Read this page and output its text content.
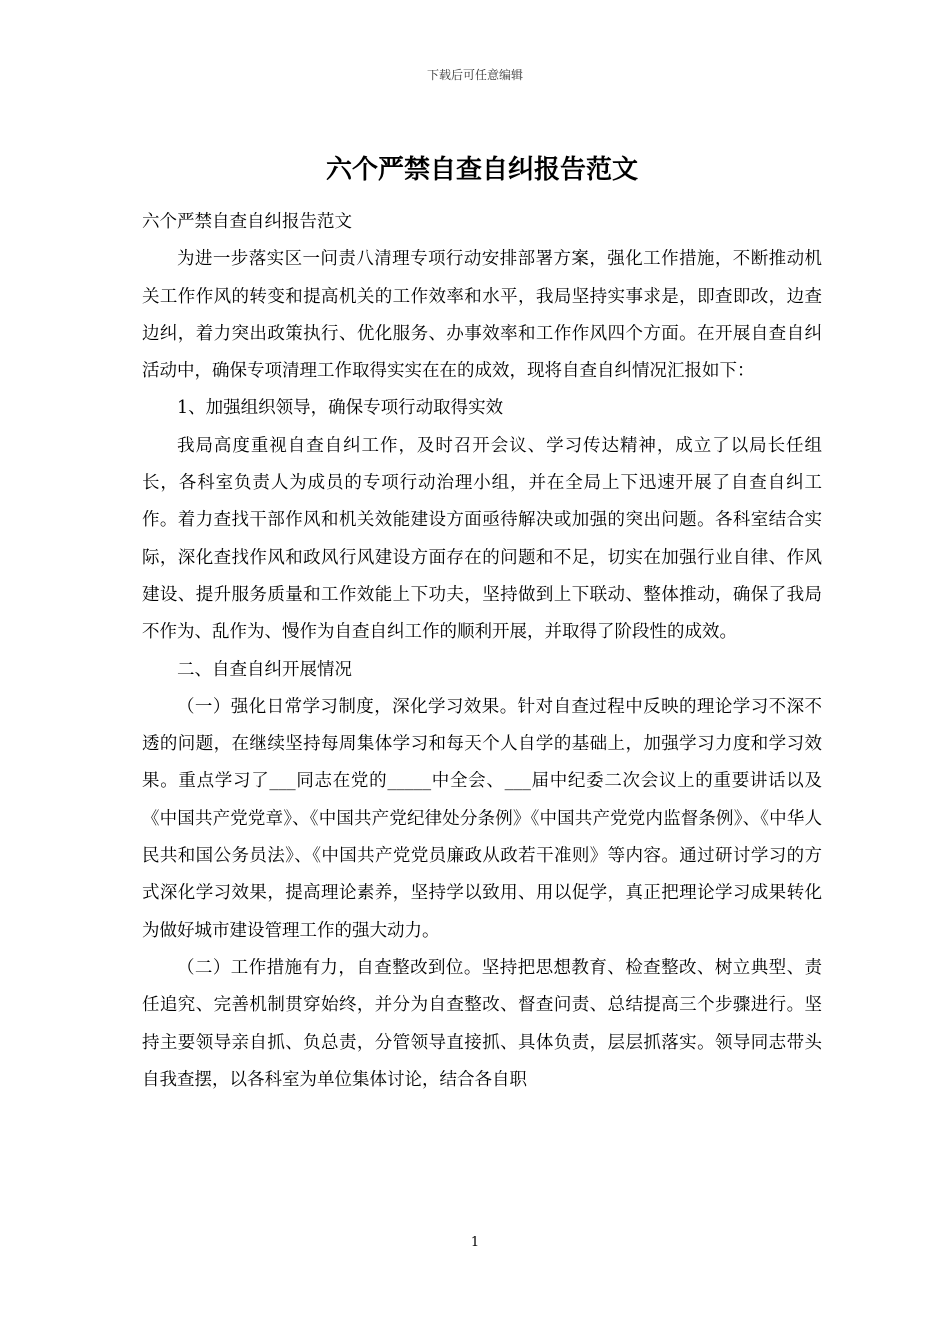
下载后可任意编辑
六个严禁自查自纠报告范文

六个严禁自查自纠报告范文

为进一步落实区一问责八清理专项行动安排部署方案，强化工作措施，不断推动机关工作作风的转变和提高机关的工作效率和水平，我局坚持实事求是，即查即改，边查边纠，着力突出政策执行、优化服务、办事效率和工作作风四个方面。在开展自查自纠活动中，确保专项清理工作取得实实在在的成效，现将自查自纠情况汇报如下：

1、加强组织领导，确保专项行动取得实效

我局高度重视自查自纠工作，及时召开会议、学习传达精神，成立了以局长任组长，各科室负责人为成员的专项行动治理小组，并在全局上下迅速开展了自查自纠工作。着力查找干部作风和机关效能建设方面亟待解决或加强的突出问题。各科室结合实际，深化查找作风和政风行风建设方面存在的问题和不足，切实在加强行业自律、作风建设、提升服务质量和工作效能上下功夫，坚持做到上下联动、整体推动，确保了我局不作为、乱作为、慢作为自查自纠工作的顺利开展，并取得了阶段性的成效。

二、自查自纠开展情况

（一）强化日常学习制度，深化学习效果。针对自查过程中反映的理论学习不深不透的问题，在继续坚持每周集体学习和每天个人自学的基础上，加强学习力度和学习效果。重点学习了___同志在党的_____中全会、___届中纪委二次会议上的重要讲话以及《中国共产党党章》、《中国共产党纪律处分条例》《中国共产党党内监督条例》、《中华人民共和国公务员法》、《中国共产党党员廉政从政若干准则》等内容。通过研讨学习的方式深化学习效果，提高理论素养，坚持学以致用、用以促学，真正把理论学习成果转化为做好城市建设管理工作的强大动力。

（二）工作措施有力，自查整改到位。坚持把思想教育、检查整改、树立典型、责任追究、完善机制贯穿始终，并分为自查整改、督查问责、总结提高三个步骤进行。坚持主要领导亲自抓、负总责，分管领导直接抓、具体负责，层层抓落实。领导同志带头自我查摆，以各科室为单位集体讨论，结合各自职

1
